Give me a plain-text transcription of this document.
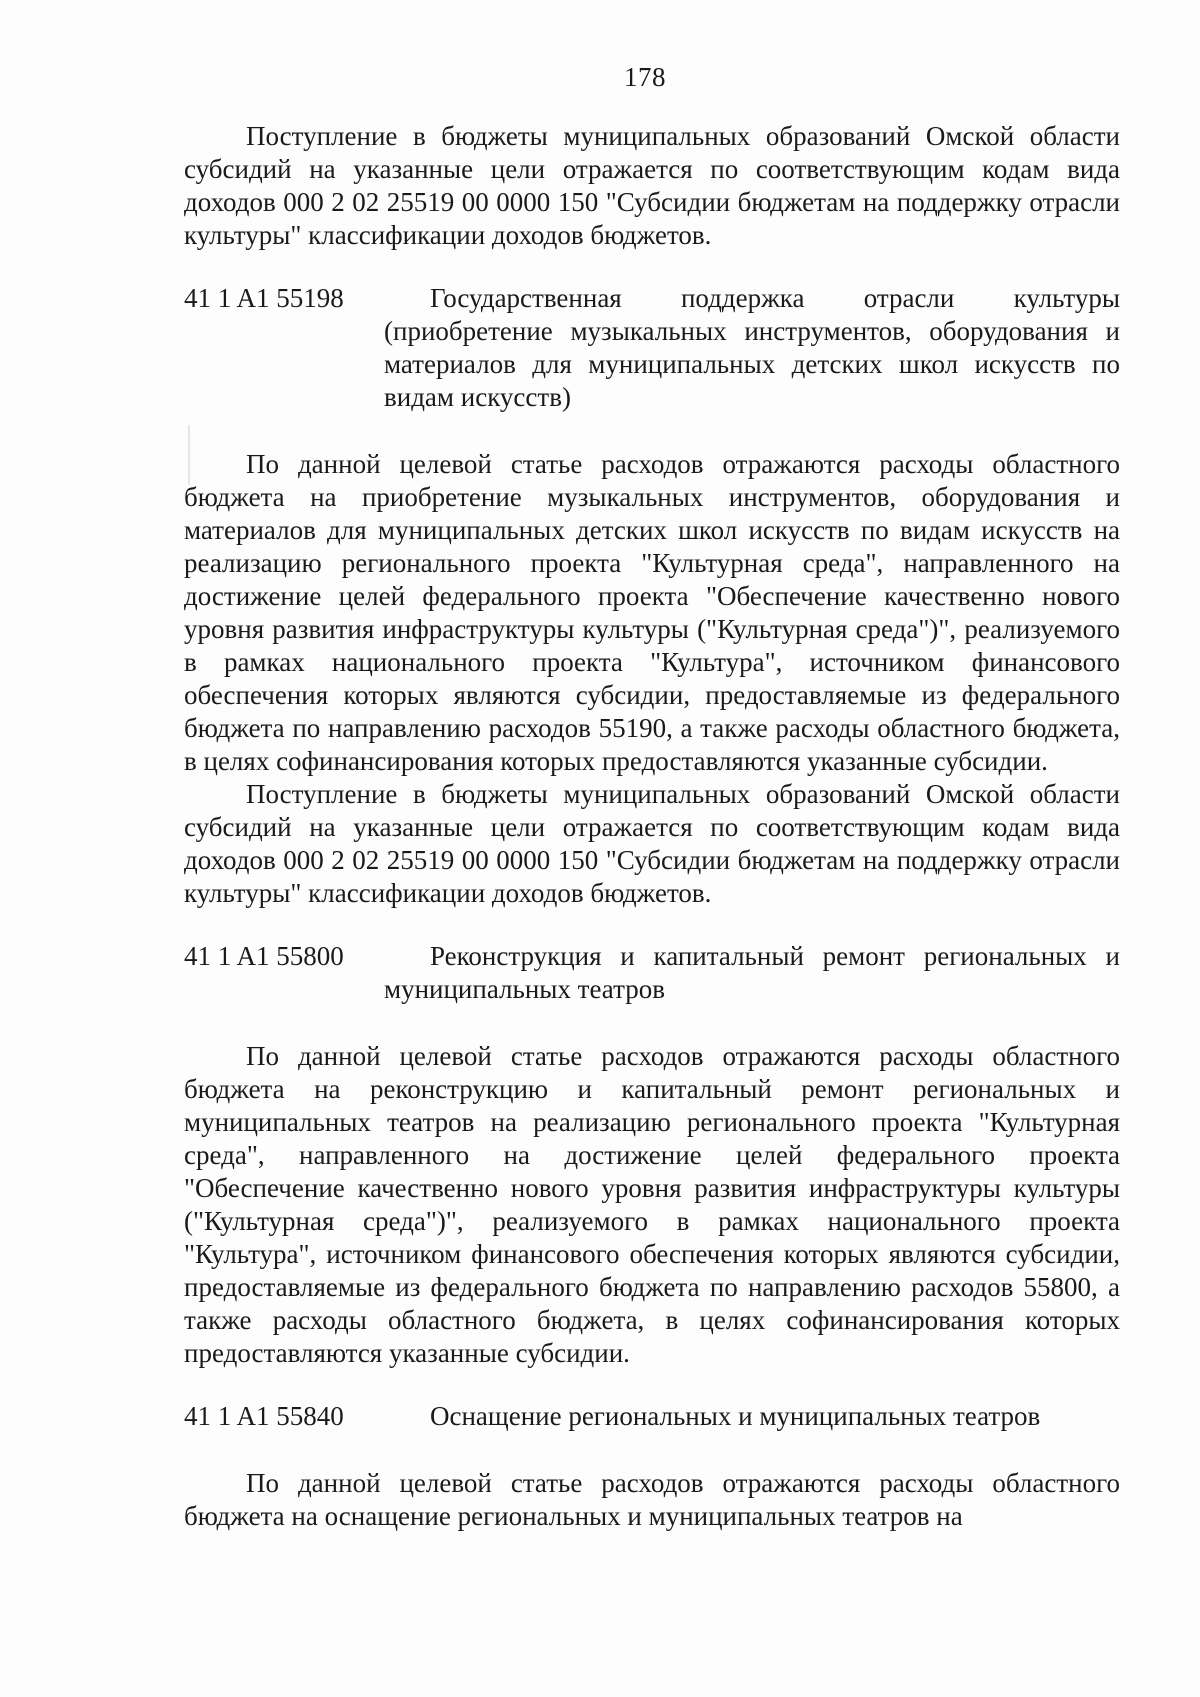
178

Поступление в бюджеты муниципальных образований Омской области субсидий на указанные цели отражается по соответствующим кодам вида доходов 000 2 02 25519 00 0000 150 "Субсидии бюджетам на поддержку отрасли культуры" классификации доходов бюджетов.

41 1 A1 55198	Государственная поддержка отрасли культуры (приобретение музыкальных инструментов, оборудования и материалов для муниципальных детских школ искусств по видам искусств)

По данной целевой статье расходов отражаются расходы областного бюджета на приобретение музыкальных инструментов, оборудования и материалов для муниципальных детских школ искусств по видам искусств на реализацию регионального проекта "Культурная среда", направленного на достижение целей федерального проекта "Обеспечение качественно нового уровня развития инфраструктуры культуры ("Культурная среда")", реализуемого в рамках национального проекта "Культура", источником финансового обеспечения которых являются субсидии, предоставляемые из федерального бюджета по направлению расходов 55190, а также расходы областного бюджета, в целях софинансирования которых предоставляются указанные субсидии.

Поступление в бюджеты муниципальных образований Омской области субсидий на указанные цели отражается по соответствующим кодам вида доходов 000 2 02 25519 00 0000 150 "Субсидии бюджетам на поддержку отрасли культуры" классификации доходов бюджетов.

41 1 A1 55800	Реконструкция и капитальный ремонт региональных и муниципальных театров

По данной целевой статье расходов отражаются расходы областного бюджета на реконструкцию и капитальный ремонт региональных и муниципальных театров на реализацию регионального проекта "Культурная среда", направленного на достижение целей федерального проекта "Обеспечение качественно нового уровня развития инфраструктуры культуры ("Культурная среда")", реализуемого в рамках национального проекта "Культура", источником финансового обеспечения которых являются субсидии, предоставляемые из федерального бюджета по направлению расходов 55800, а также расходы областного бюджета, в целях софинансирования которых предоставляются указанные субсидии.

41 1 A1 55840	Оснащение региональных и муниципальных театров

По данной целевой статье расходов отражаются расходы областного бюджета на оснащение региональных и муниципальных театров на
